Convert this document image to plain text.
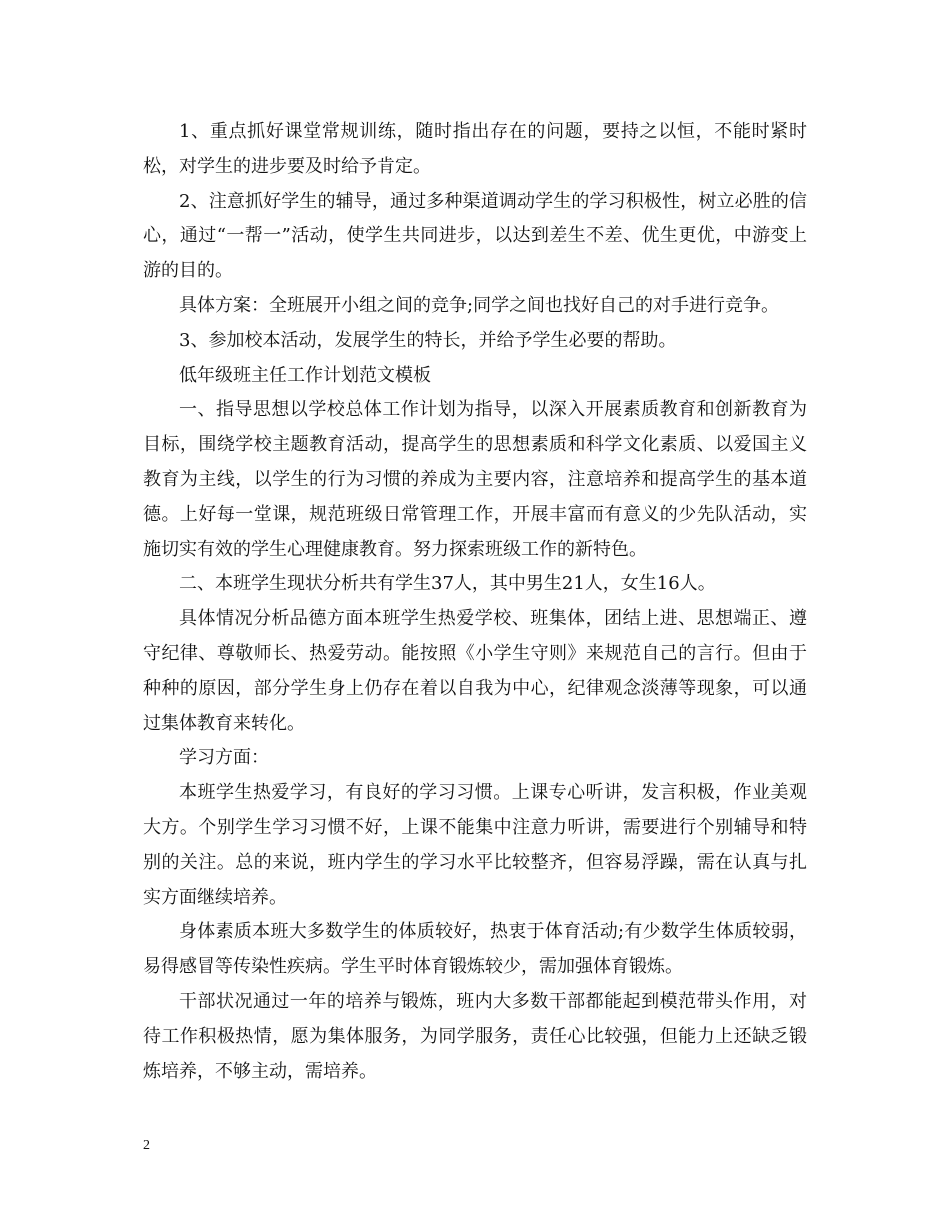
1、重点抓好课堂常规训练，随时指出存在的问题，要持之以恒，不能时紧时松，对学生的进步要及时给予肯定。

2、注意抓好学生的辅导，通过多种渠道调动学生的学习积极性，树立必胜的信心，通过“一帮一”活动，使学生共同进步，以达到差生不差、优生更优，中游变上游的目的。

具体方案：全班展开小组之间的竞争;同学之间也找好自己的对手进行竞争。

3、参加校本活动，发展学生的特长，并给予学生必要的帮助。

低年级班主任工作计划范文模板

一、指导思想以学校总体工作计划为指导，以深入开展素质教育和创新教育为目标，围绕学校主题教育活动，提高学生的思想素质和科学文化素质、以爱国主义教育为主线，以学生的行为习惯的养成为主要内容，注意培养和提高学生的基本道德。上好每一堂课，规范班级日常管理工作，开展丰富而有意义的少先队活动，实施切实有效的学生心理健康教育。努力探索班级工作的新特色。

二、本班学生现状分析共有学生37人，其中男生21人，女生16人。

具体情况分析品德方面本班学生热爱学校、班集体，团结上进、思想端正、遵守纪律、尊敬师长、热爱劳动。能按照《小学生守则》来规范自己的言行。但由于种种的原因，部分学生身上仍存在着以自我为中心，纪律观念淡薄等现象，可以通过集体教育来转化。

学习方面：

本班学生热爱学习，有良好的学习习惯。上课专心听讲，发言积极，作业美观大方。个别学生学习习惯不好，上课不能集中注意力听讲，需要进行个别辅导和特别的关注。总的来说，班内学生的学习水平比较整齐，但容易浮躁，需在认真与扎实方面继续培养。

身体素质本班大多数学生的体质较好，热衷于体育活动;有少数学生体质较弱，易得感冒等传染性疾病。学生平时体育锻炼较少，需加强体育锻炼。

干部状况通过一年的培养与锻炼，班内大多数干部都能起到模范带头作用，对待工作积极热情，愿为集体服务，为同学服务，责任心比较强，但能力上还缺乏锻炼培养，不够主动，需培养。

2
